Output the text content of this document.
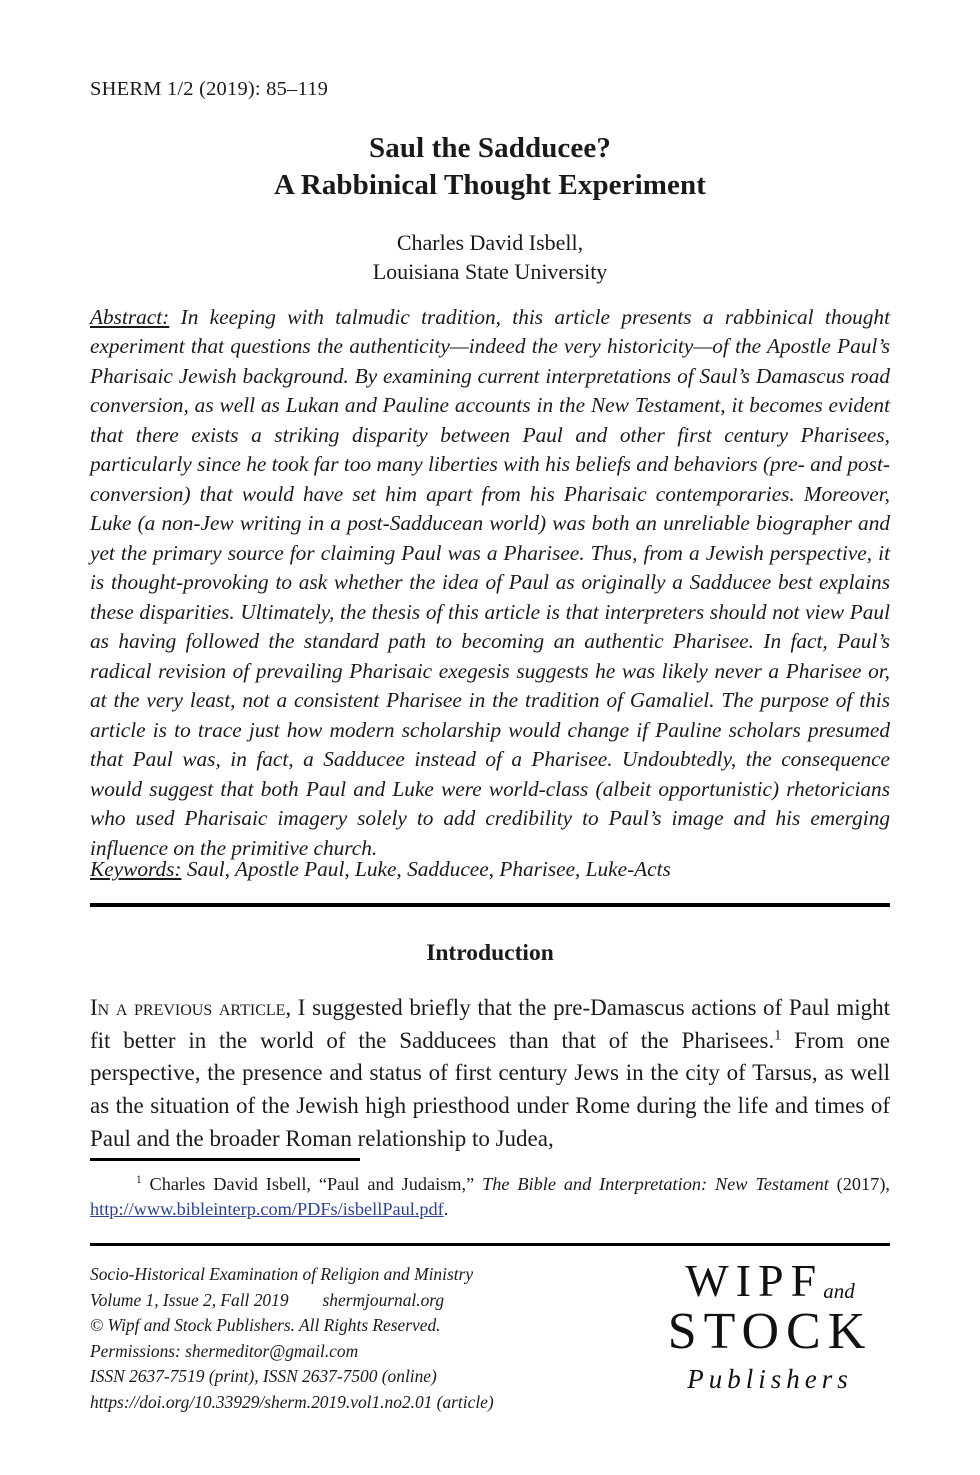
SHERM 1/2 (2019): 85–119
Saul the Sadducee?
A Rabbinical Thought Experiment
Charles David Isbell,
Louisiana State University
Abstract: In keeping with talmudic tradition, this article presents a rabbinical thought experiment that questions the authenticity—indeed the very historicity—of the Apostle Paul’s Pharisaic Jewish background. By examining current interpretations of Saul’s Damascus road conversion, as well as Lukan and Pauline accounts in the New Testament, it becomes evident that there exists a striking disparity between Paul and other first century Pharisees, particularly since he took far too many liberties with his beliefs and behaviors (pre- and post-conversion) that would have set him apart from his Pharisaic contemporaries. Moreover, Luke (a non-Jew writing in a post-Sadducean world) was both an unreliable biographer and yet the primary source for claiming Paul was a Pharisee. Thus, from a Jewish perspective, it is thought-provoking to ask whether the idea of Paul as originally a Sadducee best explains these disparities. Ultimately, the thesis of this article is that interpreters should not view Paul as having followed the standard path to becoming an authentic Pharisee. In fact, Paul’s radical revision of prevailing Pharisaic exegesis suggests he was likely never a Pharisee or, at the very least, not a consistent Pharisee in the tradition of Gamaliel. The purpose of this article is to trace just how modern scholarship would change if Pauline scholars presumed that Paul was, in fact, a Sadducee instead of a Pharisee. Undoubtedly, the consequence would suggest that both Paul and Luke were world-class (albeit opportunistic) rhetoricians who used Pharisaic imagery solely to add credibility to Paul’s image and his emerging influence on the primitive church.
Keywords: Saul, Apostle Paul, Luke, Sadducee, Pharisee, Luke-Acts
Introduction
In a previous article, I suggested briefly that the pre-Damascus actions of Paul might fit better in the world of the Sadducees than that of the Pharisees.$^1$ From one perspective, the presence and status of first century Jews in the city of Tarsus, as well as the situation of the Jewish high priesthood under Rome during the life and times of Paul and the broader Roman relationship to Judea,
$^1$ Charles David Isbell, “Paul and Judaism,” The Bible and Interpretation: New Testament (2017), http://www.bibleinterp.com/PDFs/isbellPaul.pdf.
Socio-Historical Examination of Religion and Ministry
Volume 1, Issue 2, Fall 2019 shermjournal.org
© Wipf and Stock Publishers. All Rights Reserved.
Permissions: shermeditor@gmail.com
ISSN 2637-7519 (print), ISSN 2637-7500 (online)
https://doi.org/10.33929/sherm.2019.vol1.no2.01 (article)
WIPFand
STOCK
Publishers
